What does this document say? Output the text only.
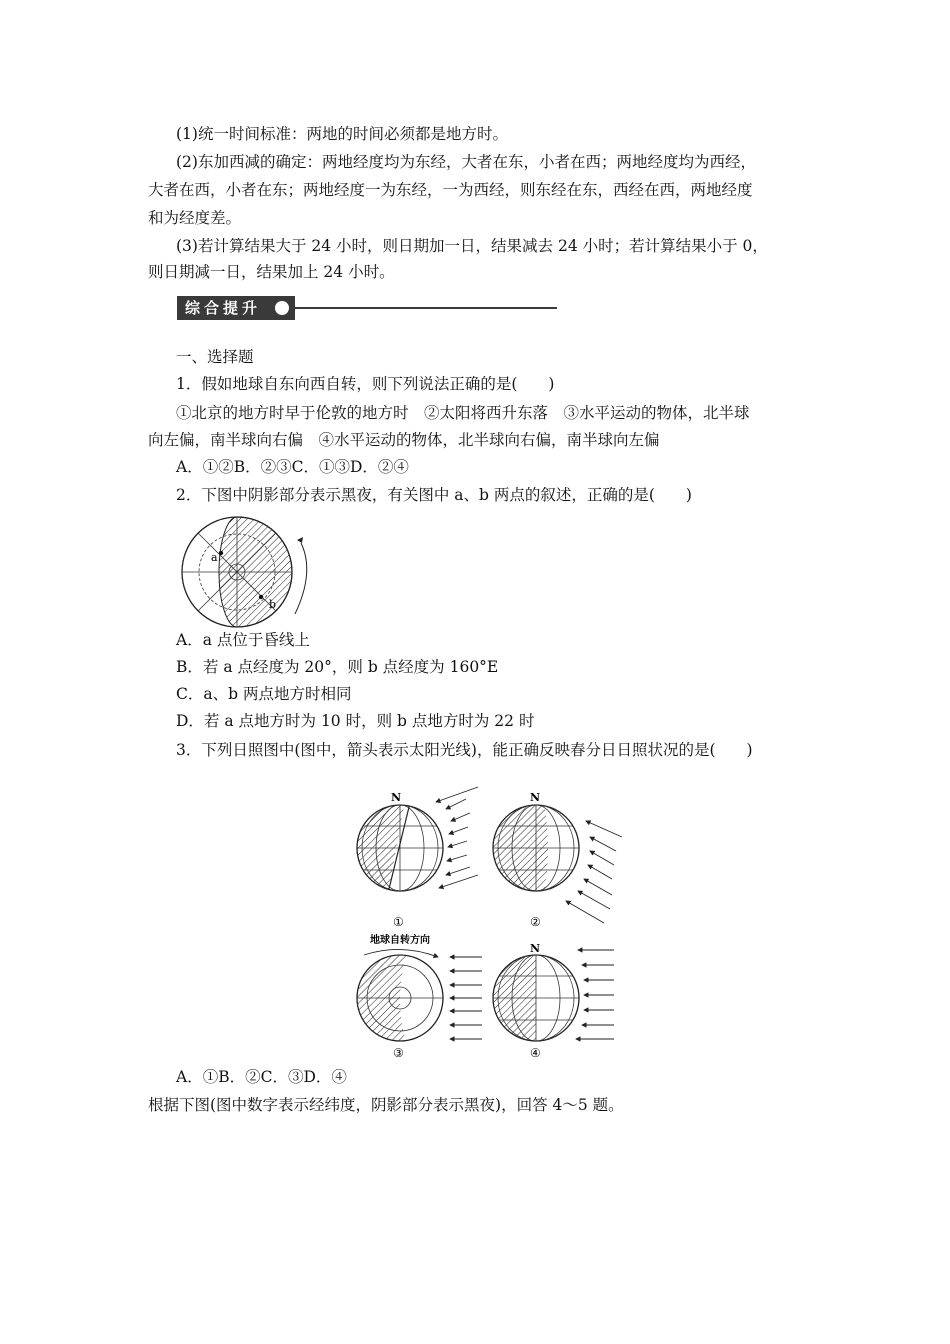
(1)统一时间标准：两地的时间必须都是地方时。
(2)东加西减的确定：两地经度均为东经，大者在东，小者在西；两地经度均为西经，
大者在西，小者在东；两地经度一为东经，一为西经，则东经在东，西经在西，两地经度
和为经度差。
(3)若计算结果大于 24 小时，则日期加一日，结果减去 24 小时；若计算结果小于 0，
则日期减一日，结果加上 24 小时。
综合提升
一、选择题
1．假如地球自东向西自转，则下列说法正确的是(　　)
①北京的地方时早于伦敦的地方时　②太阳将西升东落　③水平运动的物体，北半球
向左偏，南半球向右偏　④水平运动的物体，北半球向右偏，南半球向左偏
A．①②B．②③C．①③D．②④
2．下图中阴影部分表示黑夜，有关图中 a、b 两点的叙述，正确的是(　　)
a
b
A．a 点位于昏线上
B．若 a 点经度为 20°，则 b 点经度为 160°E
C．a、b 两点地方时相同
D．若 a 点地方时为 10 时，则 b 点地方时为 22 时
3．下列日照图中(图中，箭头表示太阳光线)，能正确反映春分日日照状况的是(　　)
N
①
N
②
地球自转方向
③
N
④
A．①B．②C．③D．④
根据下图(图中数字表示经纬度，阴影部分表示黑夜)，回答 4～5 题。
